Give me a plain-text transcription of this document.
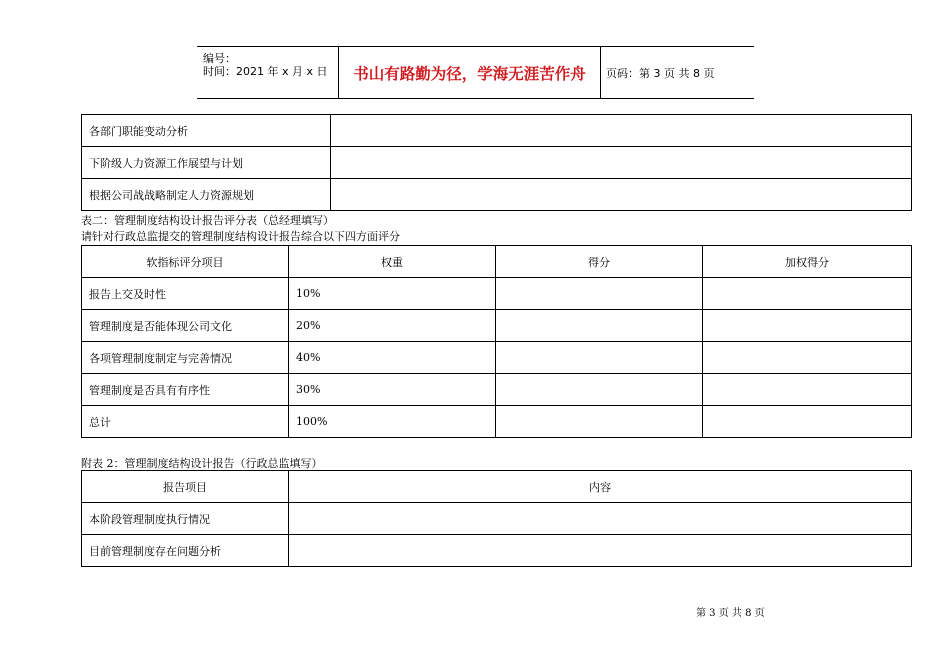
编号：
时间：2021 年 x 月 x 日	书山有路勤为径，学海无涯苦作舟	页码：第 3 页 共 8 页
各部门职能变动分析	
下阶级人力资源工作展望与计划	
根据公司战战略制定人力资源规划	
表二：管理制度结构设计报告评分表（总经理填写）
请针对行政总监提交的管理制度结构设计报告综合以下四方面评分
软指标评分项目	权重	得分	加权得分
报告上交及时性	10%		
管理制度是否能体现公司文化	20%		
各项管理制度制定与完善情况	40%		
管理制度是否具有有序性	30%		
总计	100%		
附表 2：管理制度结构设计报告（行政总监填写）
报告项目	内容
本阶段管理制度执行情况	
目前管理制度存在问题分析	
第 3 页 共 8 页
